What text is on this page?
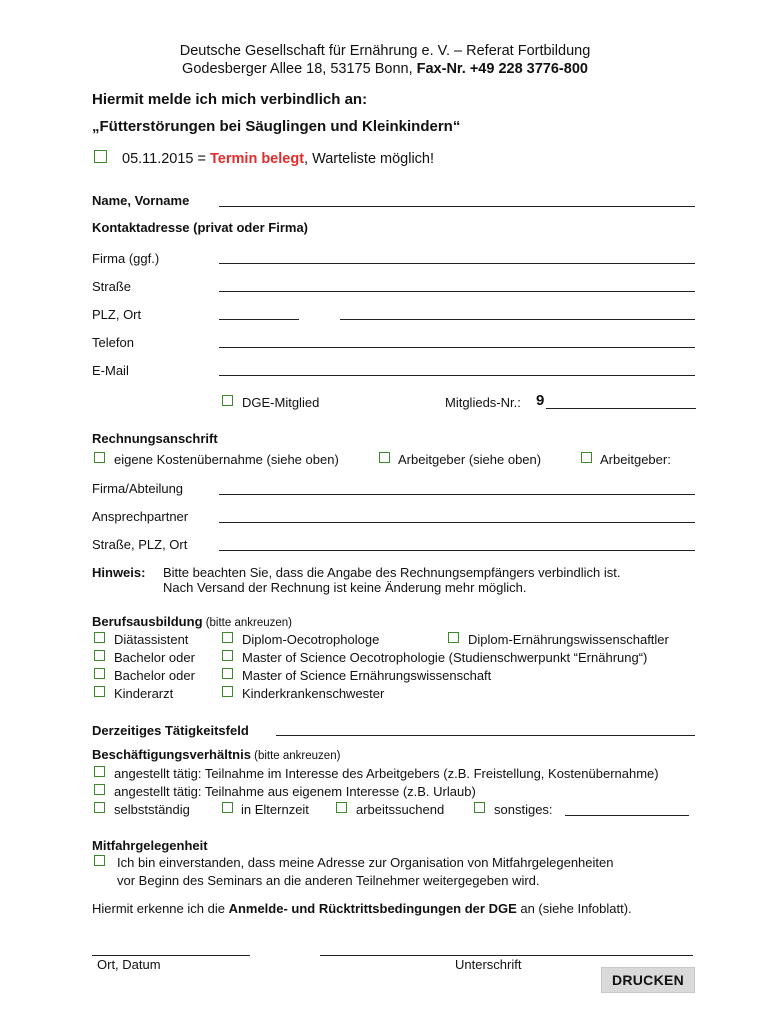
Deutsche Gesellschaft für Ernährung e. V. – Referat Fortbildung
Godesberger Allee 18, 53175 Bonn, Fax-Nr. +49 228 3776-800
Hiermit melde ich mich verbindlich an:
„Fütterstörungen bei Säuglingen und Kleinkindern“
05.11.2015 = Termin belegt, Warteliste möglich!
Name, Vorname
Kontaktadresse (privat oder Firma)
Firma (ggf.)
Straße
PLZ, Ort
Telefon
E-Mail
DGE-Mitglied	Mitglieds-Nr.: 9
Rechnungsanschrift
eigene Kostenübernahme (siehe oben)	Arbeitgeber (siehe oben)	Arbeitgeber:
Firma/Abteilung
Ansprechpartner
Straße, PLZ, Ort
Hinweis: Bitte beachten Sie, dass die Angabe des Rechnungsempfängers verbindlich ist.
Nach Versand der Rechnung ist keine Änderung mehr möglich.
Berufsausbildung (bitte ankreuzen)
Diätassistent	Diplom-Oecotrophologe	Diplom-Ernährungswissenschaftler
Bachelor oder	Master of Science Oecotrophologie (Studienschwerpunkt “Ernährung“)
Bachelor oder	Master of Science Ernährungswissenschaft
Kinderarzt	Kinderkrankenschwester
Derzeitiges Tätigkeitsfeld
Beschäftigungsverhältnis (bitte ankreuzen)
angestellt tätig: Teilnahme im Interesse des Arbeitgebers (z.B. Freistellung, Kostenübernahme)
angestellt tätig: Teilnahme aus eigenem Interesse (z.B. Urlaub)
selbstständig	in Elternzeit	arbeitssuchend	sonstiges:
Mitfahrgelegenheit
Ich bin einverstanden, dass meine Adresse zur Organisation von Mitfahrgelegenheiten
vor Beginn des Seminars an die anderen Teilnehmer weitergegeben wird.
Hiermit erkenne ich die Anmelde- und Rücktrittsbedingungen der DGE an (siehe Infoblatt).
Ort, Datum	Unterschrift
DRUCKEN
